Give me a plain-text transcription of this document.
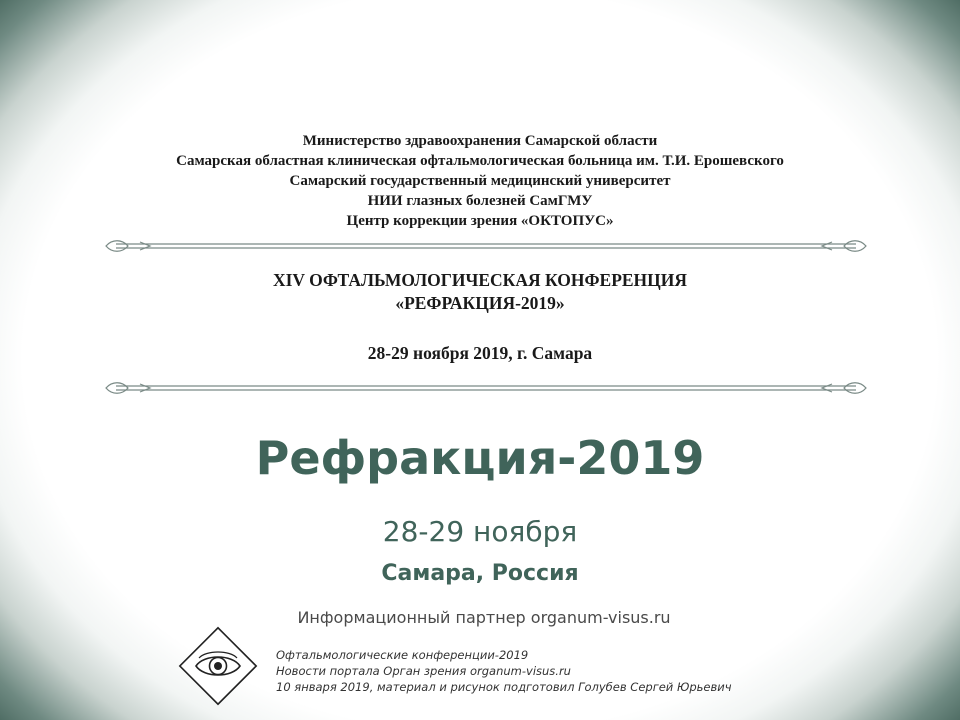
Министерство здравоохранения Самарской области
Самарская областная клиническая офтальмологическая больница им. Т.И. Ерошевского
Самарский государственный медицинский университет
НИИ глазных болезней СамГМУ
Центр коррекции зрения «ОКТОПУС»
XIV ОФТАЛЬМОЛОГИЧЕСКАЯ КОНФЕРЕНЦИЯ
«РЕФРАКЦИЯ-2019»
28-29 ноября 2019, г. Самара
Рефракция-2019
28-29 ноября
Самара, Россия
Информационный партнер organum-visus.ru
Офтальмологические конференции-2019
Новости портала Орган зрения organum-visus.ru
10 января 2019, материал и рисунок подготовил Голубев Сергей Юрьевич
